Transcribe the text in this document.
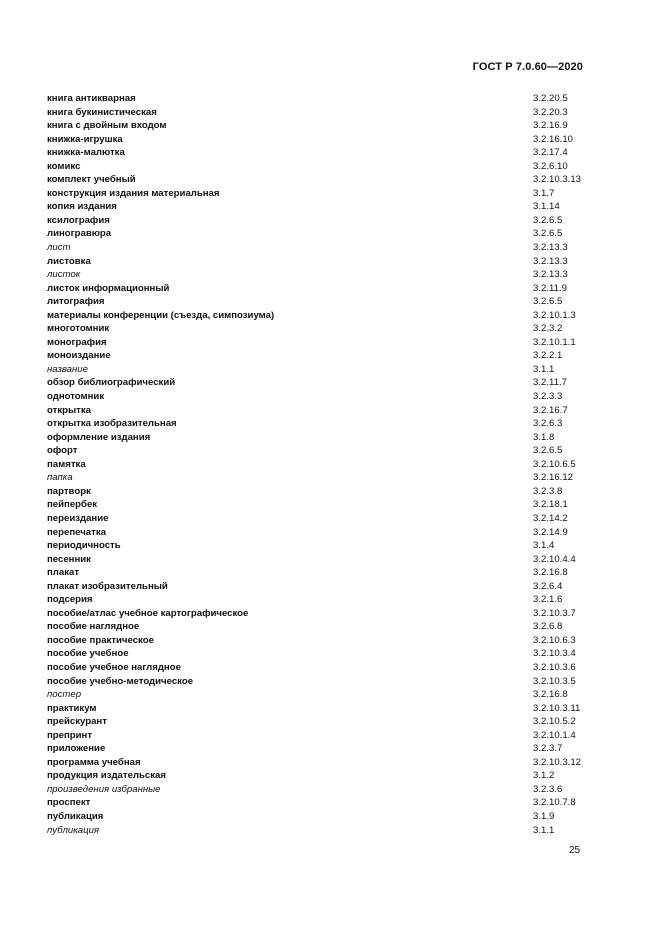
ГОСТ Р 7.0.60—2020
книга антикварная	3.2.20.5
книга букинистическая	3.2.20.3
книга с двойным входом	3.2.16.9
книжка-игрушка	3.2.16.10
книжка-малютка	3.2.17.4
комикс	3.2.6.10
комплект учебный	3.2.10.3.13
конструкция издания материальная	3.1.7
копия издания	3.1.14
ксилография	3.2.6.5
линогравюра	3.2.6.5
лист	3.2.13.3
листовка	3.2.13.3
листок	3.2.13.3
листок информационный	3.2.11.9
литография	3.2.6.5
материалы конференции (съезда, симпозиума)	3.2.10.1.3
многотомник	3.2.3.2
монография	3.2.10.1.1
моноиздание	3.2.2.1
название	3.1.1
обзор библиографический	3.2.11.7
однотомник	3.2.3.3
открытка	3.2.16.7
открытка изобразительная	3.2.6.3
оформление издания	3.1.8
офорт	3.2.6.5
памятка	3.2.10.6.5
папка	3.2.16.12
партворк	3.2.3.8
пейпербек	3.2.18.1
переиздание	3.2.14.2
перепечатка	3.2.14.9
периодичность	3.1.4
песенник	3.2.10.4.4
плакат	3.2.16.8
плакат изобразительный	3.2.6.4
подсерия	3.2.1.6
пособие/атлас учебное картографическое	3.2.10.3.7
пособие наглядное	3.2.6.8
пособие практическое	3.2.10.6.3
пособие учебное	3.2.10.3.4
пособие учебное наглядное	3.2.10.3.6
пособие учебно-методическое	3.2.10.3.5
постер	3.2.16.8
практикум	3.2.10.3.11
прейскурант	3.2.10.5.2
препринт	3.2.10.1.4
приложение	3.2.3.7
программа учебная	3.2.10.3.12
продукция издательская	3.1.2
произведения избранные	3.2.3.6
проспект	3.2.10.7.8
публикация	3.1.9
публикация	3.1.1
25
